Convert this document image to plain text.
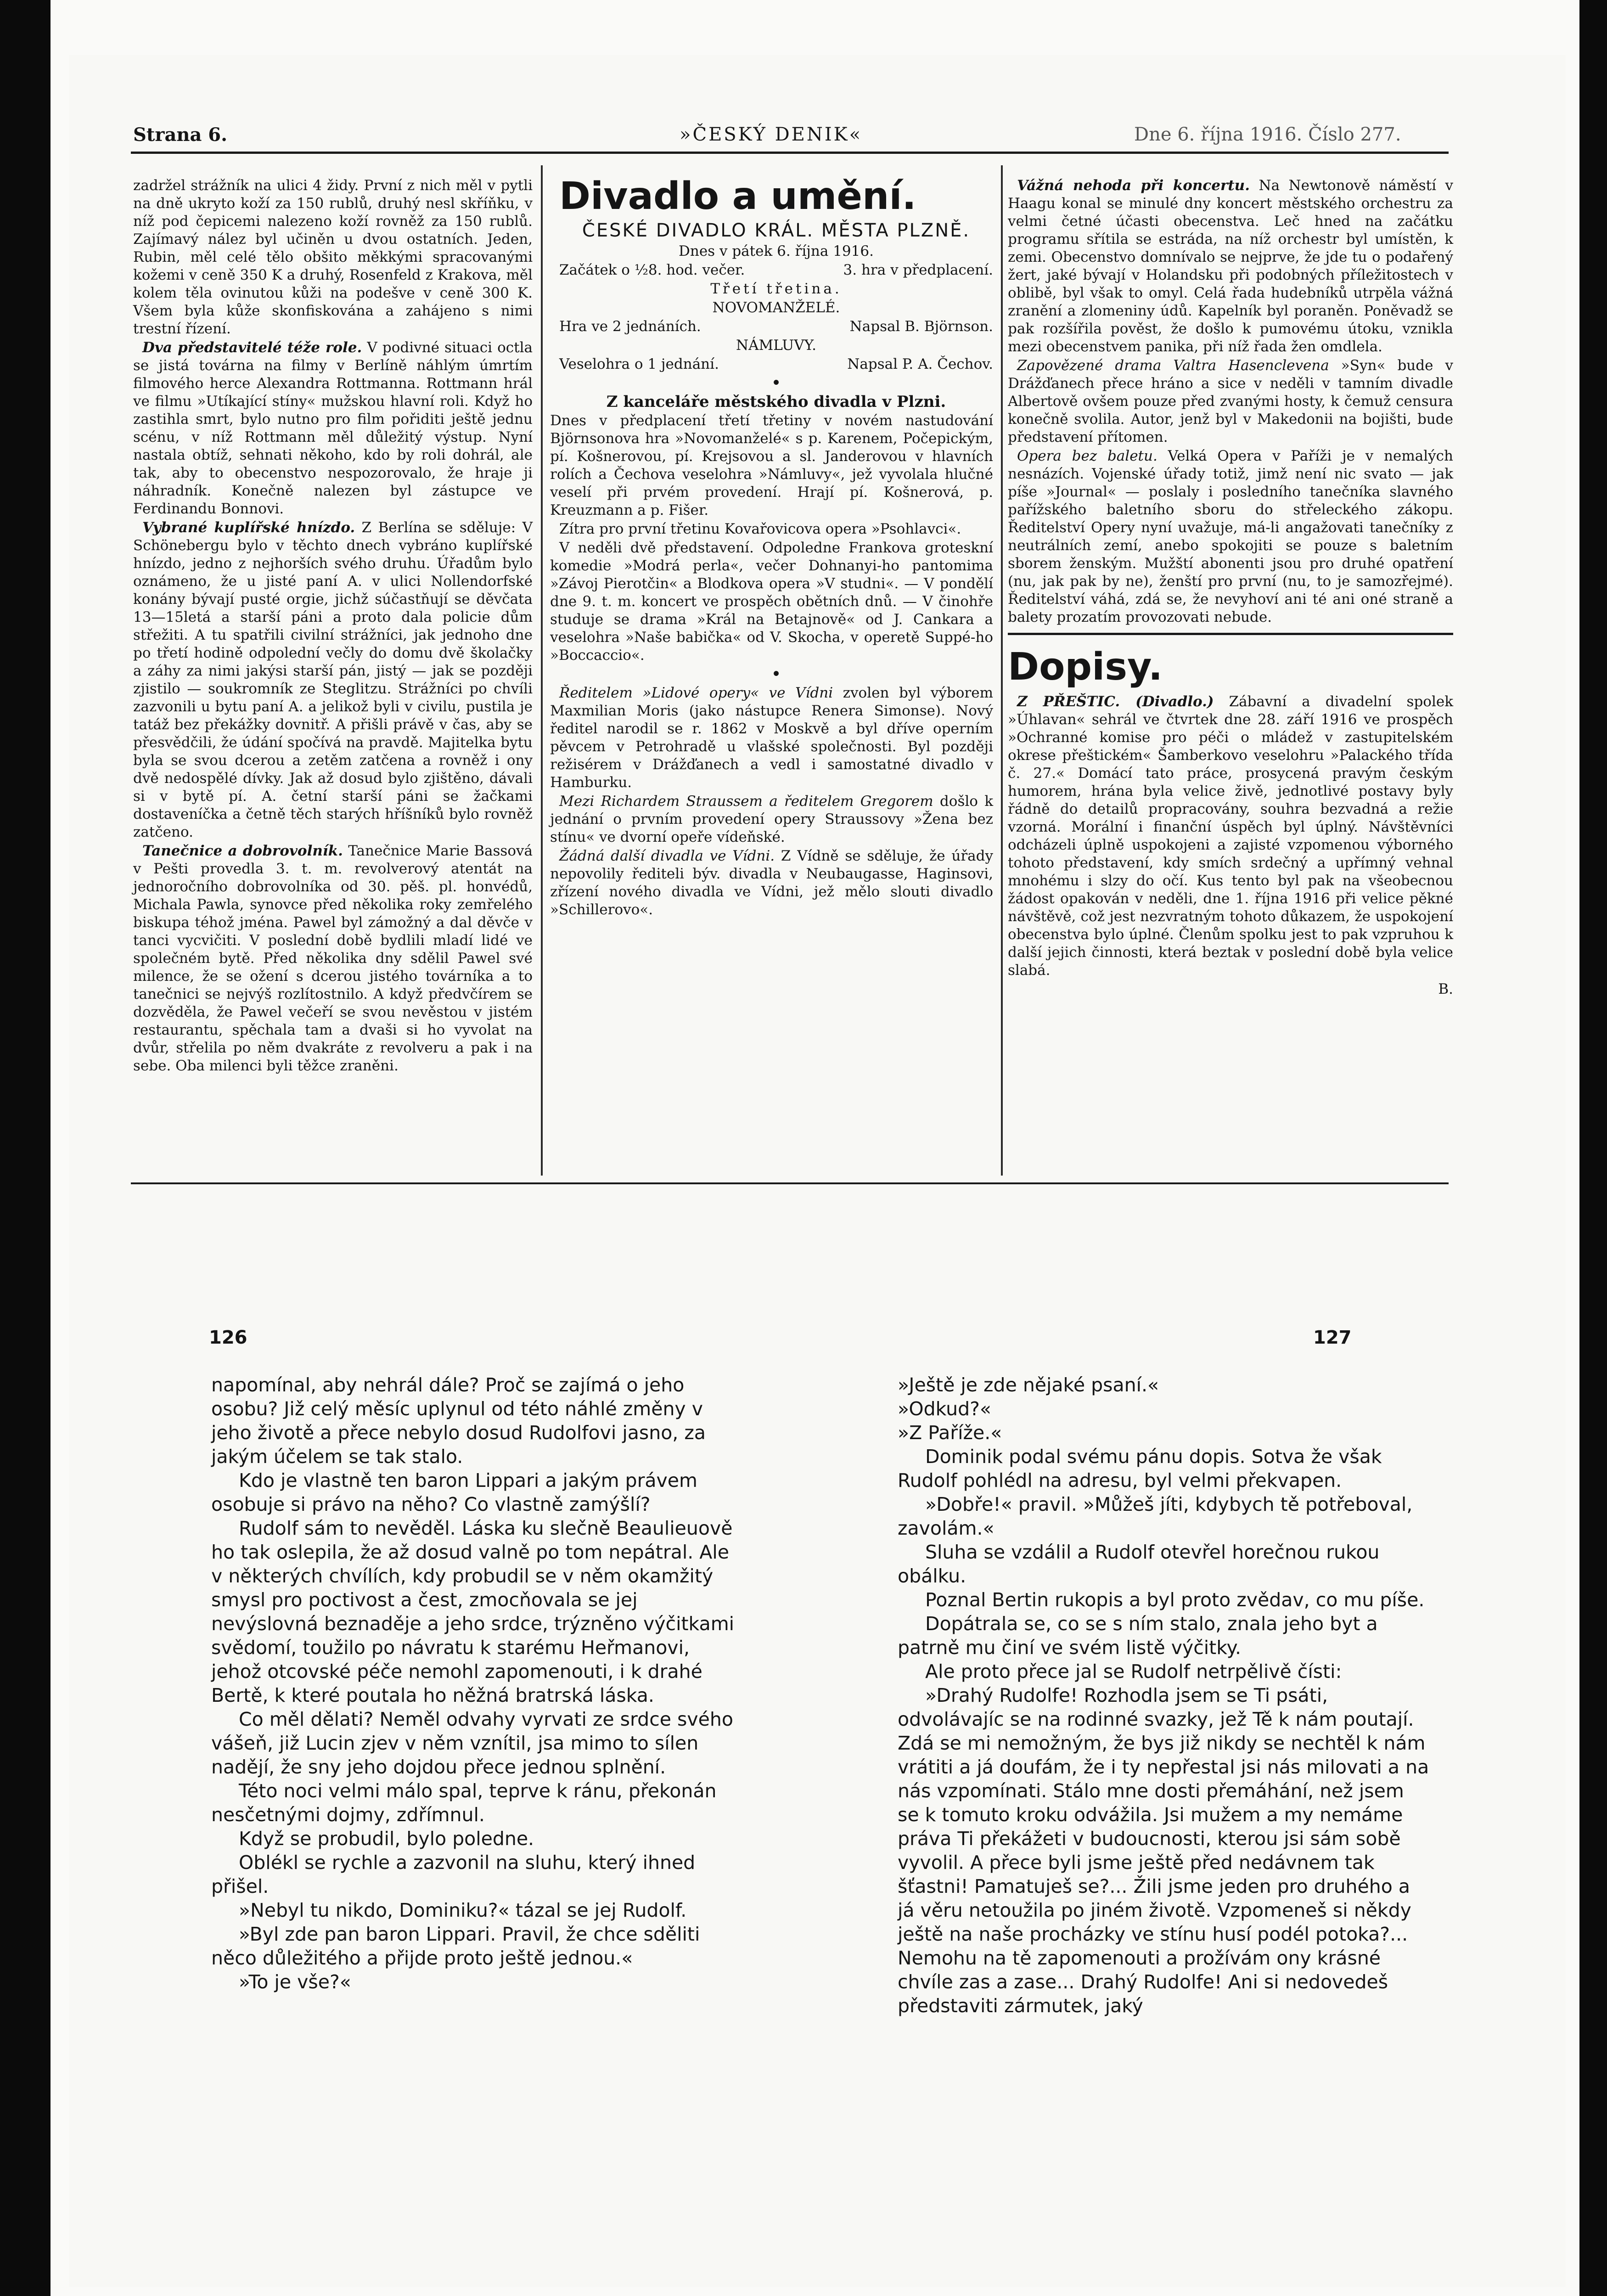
Strana 6.	»ČESKÝ DENIK«	Dne 6. října 1916. Číslo 277.

zadržel strážník na ulici 4 židy. První z nich měl v pytli na dně ukryto koží za 150 rublů, druhý nesl skříňku, v níž pod čepicemi nalezeno koží rovněž za 150 rublů. Zajímavý nález byl učiněn u dvou ostatních. Jeden, Rubin, měl celé tělo obšito měkkými spracovanými kožemi v ceně 350 K a druhý, Rosenfeld z Krakova, měl kolem těla ovinutou kůži na podešve v ceně 300 K. Všem byla kůže skonfiskována a zahájeno s nimi trestní řízení.

Dva představitelé téže role. V podivné situaci octla se jistá továrna na filmy v Berlíně náhlým úmrtím filmového herce Alexandra Rottmanna. Rottmann hrál ve filmu »Utíkající stíny« mužskou hlavní roli. Když ho zastihla smrt, bylo nutno pro film pořiditi ještě jednu scénu, v níž Rottmann měl důležitý výstup. Nyní nastala obtíž, sehnati někoho, kdo by roli dohrál, ale tak, aby to obecenstvo nespozorovalo, že hraje ji náhradník. Konečně nalezen byl zástupce ve Ferdinandu Bonnovi.

Vybrané kuplířské hnízdo. Z Berlína se sděluje: V Schönebergu bylo v těchto dnech vybráno kuplířské hnízdo, jedno z nejhorších svého druhu. Úřadům bylo oznámeno, že u jisté paní A. v ulici Nollendorfské konány bývají pusté orgie, jichž súčastňují se děvčata 13—15letá a starší páni a proto dala policie dům střežiti. A tu spatřili civilní strážníci, jak jednoho dne po třetí hodině odpolední večly do domu dvě školačky a záhy za nimi jakýsi starší pán, jistý — jak se později zjistilo — soukromník ze Steglitzu. Strážníci po chvíli zazvonili u bytu paní A. a jelikož byli v civilu, pustila je tatáž bez překážky dovnitř. A přišli právě v čas, aby se přesvědčili, že údání spočívá na pravdě. Majitelka bytu byla se svou dcerou a zetěm zatčena a rovněž i ony dvě nedospělé dívky. Jak až dosud bylo zjištěno, dávali si v bytě pí. A. četní starší páni se žačkami dostaveníčka a četně těch starých hříšníků bylo rovněž zatčeno.

Tanečnice a dobrovolník. Tanečnice Marie Bassová v Pešti provedla 3. t. m. revolverový atentát na jednoročního dobrovolníka od 30. pěš. pl. honvédů, Michala Pawla, synovce před několika roky zemřelého biskupa téhož jména. Pawel byl zámožný a dal děvče v tanci vycvičiti. V poslední době bydlili mladí lidé ve společném bytě. Před několika dny sdělil Pawel své milence, že se ožení s dcerou jistého továrníka a to tanečnici se nejvýš rozlítostnilo. A když předvčírem se dozvěděla, že Pawel večeří se svou nevěstou v jistém restaurantu, spěchala tam a dvaši si ho vyvolat na dvůr, střelila po něm dvakráte z revolveru a pak i na sebe. Oba milenci byli těžce zraněni.

Divadlo a umění.

ČESKÉ DIVADLO KRÁL. MĚSTA PLZNĚ.

Dnes v pátek 6. října 1916.

Začátek o ½8. hod. večer.	3. hra v předplacení.

Třetí třetina.

NOVOMANŽELÉ.

Hra ve 2 jednáních.	Napsal B. Björnson.

NÁMLUVY.

Veselohra o 1 jednání.	Napsal P. A. Čechov.

•

Z kanceláře městského divadla v Plzni.

Dnes v předplacení třetí třetiny v novém nastudování Björnsonova hra »Novomanželé« s p. Karenem, Počepickým, pí. Košnerovou, pí. Krejsovou a sl. Janderovou v hlavních rolích a Čechova veselohra »Námluvy«, jež vyvolala hlučné veselí při prvém provedení. Hrají pí. Košnerová, p. Kreuzmann a p. Fišer.

Zítra pro první třetinu Kovařovicova opera »Psohlavci«.

V neděli dvě představení. Odpoledne Frankova groteskní komedie »Modrá perla«, večer Dohnanyi-ho pantomima »Závoj Pierotčin« a Blodkova opera »V studni«. — V pondělí dne 9. t. m. koncert ve prospěch obětních dnů. — V činohře studuje se drama »Král na Betajnově« od J. Cankara a veselohra »Naše babička« od V. Skocha, v operetě Suppé-ho »Boccaccio«.

•

Ředitelem »Lidové opery« ve Vídni zvolen byl výborem Maxmilian Moris (jako nástupce Renera Simonse). Nový ředitel narodil se r. 1862 v Moskvě a byl dříve operním pěvcem v Petrohradě u vlašské společnosti. Byl později režisérem v Drážďanech a vedl i samostatné divadlo v Hamburku.

Mezi Richardem Straussem a ředitelem Gregorem došlo k jednání o prvním provedení opery Straussovy »Žena bez stínu« ve dvorní opeře vídeňské.

Žádná další divadla ve Vídni. Z Vídně se sděluje, že úřady nepovolily řediteli býv. divadla v Neubaugasse, Haginsovi, zřízení nového divadla ve Vídni, jež mělo slouti divadlo »Schillerovo«.

Vážná nehoda při koncertu. Na Newtonově náměstí v Haagu konal se minulé dny koncert městského orchestru za velmi četné účasti obecenstva. Leč hned na začátku programu sřítila se estráda, na níž orchestr byl umístěn, k zemi. Obecenstvo domnívalo se nejprve, že jde tu o podařený žert, jaké bývají v Holandsku při podobných příležitostech v oblibě, byl však to omyl. Celá řada hudebníků utrpěla vážná zranění a zlomeniny údů. Kapelník byl poraněn. Poněvadž se pak rozšířila pověst, že došlo k pumovému útoku, vznikla mezi obecenstvem panika, při níž řada žen omdlela.

Zapovězené drama Valtra Hasenclevena »Syn« bude v Drážďanech přece hráno a sice v neděli v tamním divadle Albertově ovšem pouze před zvanými hosty, k čemuž censura konečně svolila. Autor, jenž byl v Makedonii na bojišti, bude představení přítomen.

Opera bez baletu. Velká Opera v Paříži je v nemalých nesnázích. Vojenské úřady totiž, jimž není nic svato — jak píše »Journal« — poslaly i posledního tanečníka slavného pařížského baletního sboru do střeleckého zákopu. Ředitelství Opery nyní uvažuje, má-li angažovati tanečníky z neutrálních zemí, anebo spokojiti se pouze s baletním sborem ženským. Mužští abonenti jsou pro druhé opatření (nu, jak pak by ne), ženští pro první (nu, to je samozřejmé). Ředitelství váhá, zdá se, že nevyhoví ani té ani oné straně a balety prozatím provozovati nebude.

Dopisy.

Z PŘEŠTIC. (Divadlo.) Zábavní a divadelní spolek »Úhlavan« sehrál ve čtvrtek dne 28. září 1916 ve prospěch »Ochranné komise pro péči o mládež v zastupitelském okrese přeštickém« Šamberkovo veselohru »Palackého třída č. 27.« Domácí tato práce, prosycená pravým českým humorem, hrána byla velice živě, jednotlivé postavy byly řádně do detailů propracovány, souhra bezvadná a režie vzorná. Morální i finanční úspěch byl úplný. Návštěvníci odcházeli úplně uspokojeni a zajisté vzpomenou výborného tohoto představení, kdy smích srdečný a upřímný vehnal mnohému i slzy do očí. Kus tento byl pak na všeobecnou žádost opakován v neděli, dne 1. října 1916 při velice pěkné návštěvě, což jest nezvratným tohoto důkazem, že uspokojení obecenstva bylo úplné. Členům spolku jest to pak vzpruhou k další jejich činnosti, která beztak v poslední době byla velice slabá.

B.

126	127

napomínal, aby nehrál dále? Proč se zajímá o jeho osobu? Již celý měsíc uplynul od této náhlé změny v jeho životě a přece nebylo dosud Rudolfovi jasno, za jakým účelem se tak stalo.

Kdo je vlastně ten baron Lippari a jakým právem osobuje si právo na něho? Co vlastně zamýšlí?

Rudolf sám to nevěděl. Láska ku slečně Beaulieuově ho tak oslepila, že až dosud valně po tom nepátral. Ale v některých chvílích, kdy probudil se v něm okamžitý smysl pro poctivost a čest, zmocňovala se jej nevýslovná beznaděje a jeho srdce, trýzněno výčitkami svědomí, toužilo po návratu k starému Heřmanovi, jehož otcovské péče nemohl zapomenouti, i k drahé Bertě, k které poutala ho něžná bratrská láska.

Co měl dělati? Neměl odvahy vyrvati ze srdce svého vášeň, již Lucin zjev v něm vznítil, jsa mimo to sílen nadějí, že sny jeho dojdou přece jednou splnění.

Této noci velmi málo spal, teprve k ránu, překonán nesčetnými dojmy, zdřímnul.

Když se probudil, bylo poledne.

Oblékl se rychle a zazvonil na sluhu, který ihned přišel.

»Nebyl tu nikdo, Dominiku?« tázal se jej Rudolf.

»Byl zde pan baron Lippari. Pravil, že chce sděliti něco důležitého a přijde proto ještě jednou.«

»To je vše?«

»Ještě je zde nějaké psaní.«

»Odkud?«

»Z Paříže.«

Dominik podal svému pánu dopis. Sotva že však Rudolf pohlédl na adresu, byl velmi překvapen.

»Dobře!« pravil. »Můžeš jíti, kdybych tě potřeboval, zavolám.«

Sluha se vzdálil a Rudolf otevřel horečnou rukou obálku.

Poznal Bertin rukopis a byl proto zvědav, co mu píše.

Dopátrala se, co se s ním stalo, znala jeho byt a patrně mu činí ve svém listě výčitky.

Ale proto přece jal se Rudolf netrpělivě čísti:

»Drahý Rudolfe! Rozhodla jsem se Ti psáti, odvolávajíc se na rodinné svazky, jež Tě k nám poutají. Zdá se mi nemožným, že bys již nikdy se nechtěl k nám vrátiti a já doufám, že i ty nepřestal jsi nás milovati a na nás vzpomínati. Stálo mne dosti přemáhání, než jsem se k tomuto kroku odvážila. Jsi mužem a my nemáme práva Ti překážeti v budoucnosti, kterou jsi sám sobě vyvolil. A přece byli jsme ještě před nedávnem tak šťastni! Pamatuješ se?... Žili jsme jeden pro druhého a já věru netoužila po jiném životě. Vzpomeneš si někdy ještě na naše procházky ve stínu husí podél potoka?... Nemohu na tě zapomenouti a prožívám ony krásné chvíle zas a zase... Drahý Rudolfe! Ani si nedovedeš představiti zármutek, jaký
